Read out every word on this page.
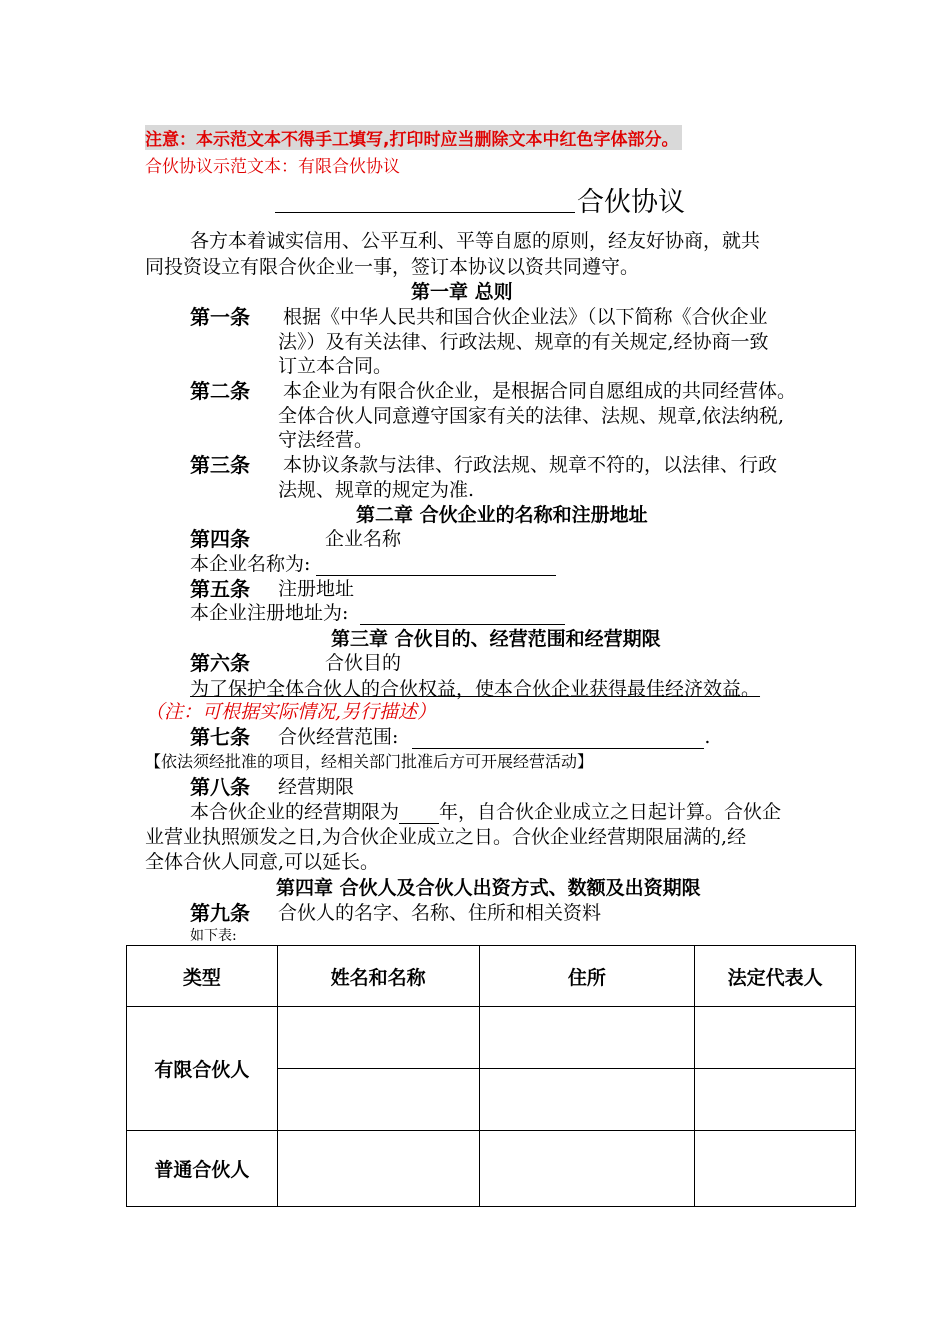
注意：本示范文本不得手工填写,打印时应当删除文本中红色字体部分。
合伙协议示范文本：有限合伙协议
合伙协议
各方本着诚实信用、公平互利、平等自愿的原则，经友好协商，就共
同投资设立有限合伙企业一事，签订本协议以资共同遵守。
第一章 总则
第一条 根据《中华人民共和国合伙企业法》（以下简称《合伙企业
法》）及有关法律、行政法规、规章的有关规定,经协商一致
订立本合同。
第二条 本企业为有限合伙企业，是根据合同自愿组成的共同经营体。
全体合伙人同意遵守国家有关的法律、法规、规章,依法纳税,
守法经营。
第三条 本协议条款与法律、行政法规、规章不符的，以法律、行政
法规、规章的规定为准.
第二章 合伙企业的名称和注册地址
第四条	企业名称
本企业名称为:
第五条 注册地址
本企业注册地址为:
第三章 合伙目的、经营范围和经营期限
第六条	合伙目的
为了保护全体合伙人的合伙权益，使本合伙企业获得最佳经济效益。
（注：可根据实际情况,另行描述）
第七条 合伙经营范围:	.
【依法须经批准的项目，经相关部门批准后方可开展经营活动】
第八条 经营期限
本合伙企业的经营期限为 年，自合伙企业成立之日起计算。合伙企
业营业执照颁发之日,为合伙企业成立之日。合伙企业经营期限届满的,经
全体合伙人同意,可以延长。
第四章 合伙人及合伙人出资方式、数额及出资期限
第九条 合伙人的名字、名称、住所和相关资料
如下表:
类型	姓名和名称	住所	法定代表人
有限合伙人			

普通合伙人			
